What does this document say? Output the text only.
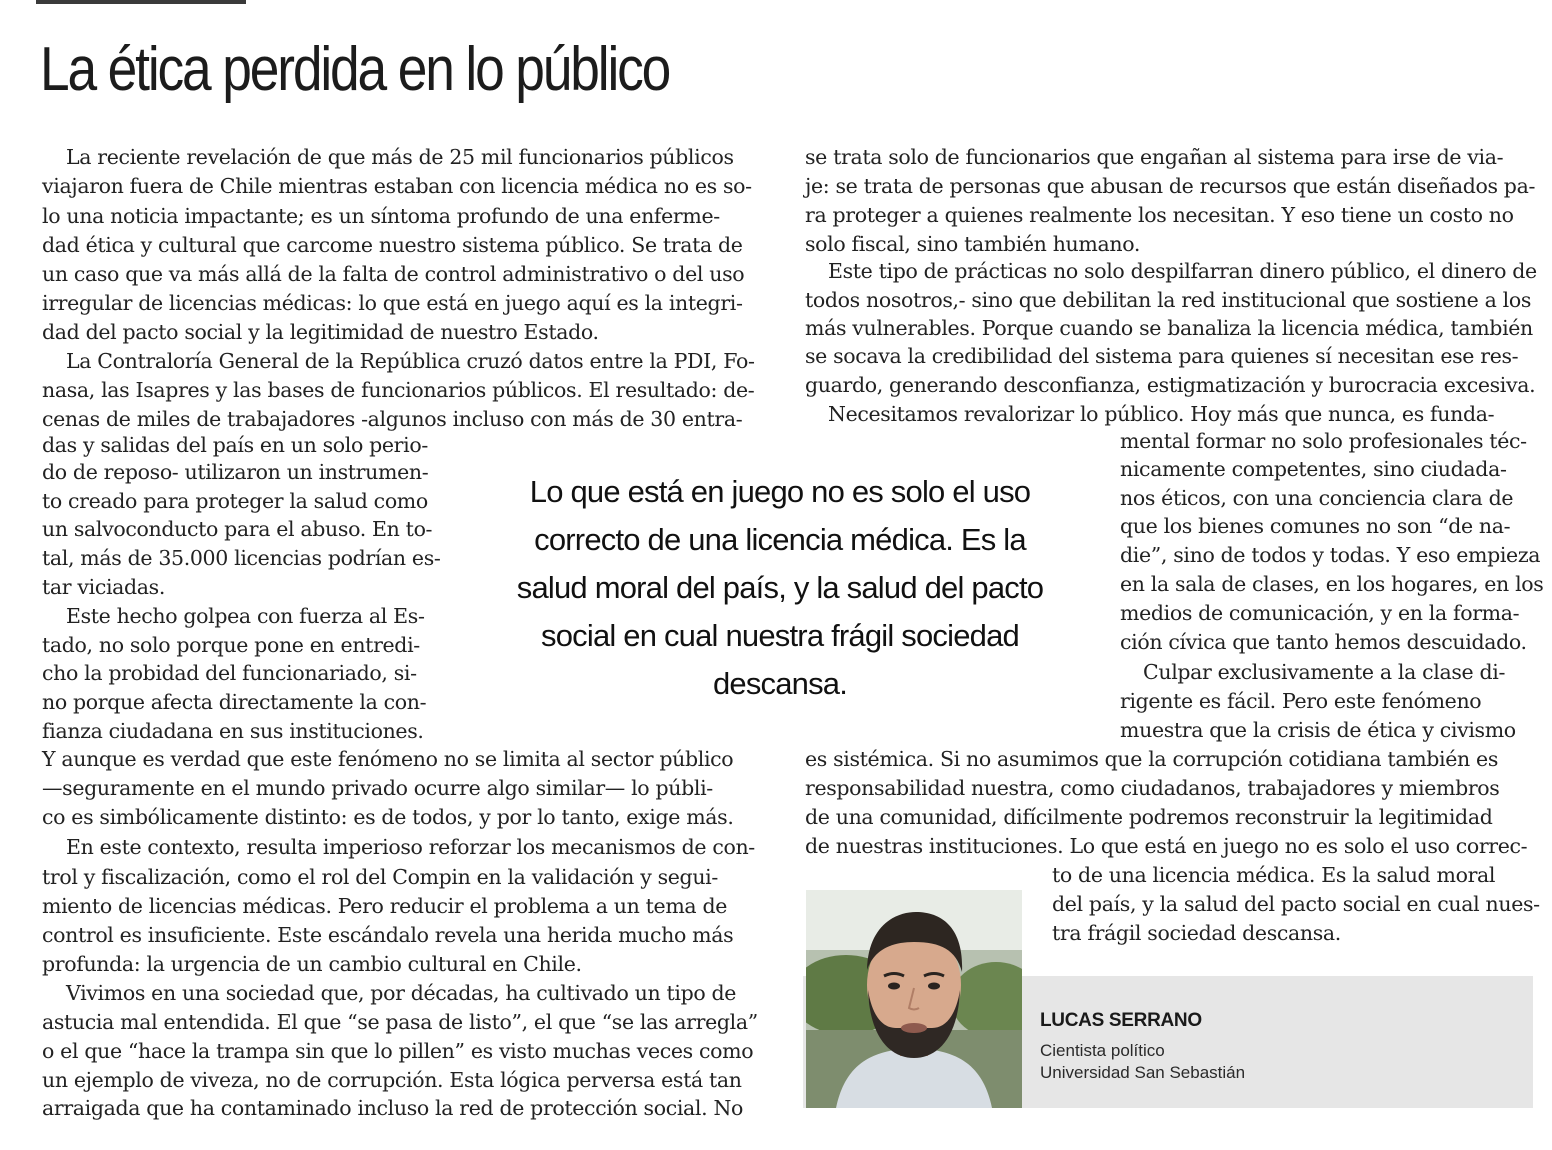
La ética perdida en lo público

La reciente revelación de que más de 25 mil funcionarios públicos

viajaron fuera de Chile mientras estaban con licencia médica no es so-

lo una noticia impactante; es un síntoma profundo de una enferme-

dad ética y cultural que carcome nuestro sistema público. Se trata de

un caso que va más allá de la falta de control administrativo o del uso

irregular de licencias médicas: lo que está en juego aquí es la integri-

dad del pacto social y la legitimidad de nuestro Estado.

La Contraloría General de la República cruzó datos entre la PDI, Fo-

nasa, las Isapres y las bases de funcionarios públicos. El resultado: de-

cenas de miles de trabajadores -algunos incluso con más de 30 entra-

das y salidas del país en un solo perio-

do de reposo- utilizaron un instrumen-

to creado para proteger la salud como

un salvoconducto para el abuso. En to-

tal, más de 35.000 licencias podrían es-

tar viciadas.

Este hecho golpea con fuerza al Es-

tado, no solo porque pone en entredi-

cho la probidad del funcionariado, si-

no porque afecta directamente la con-

fianza ciudadana en sus instituciones.

Y aunque es verdad que este fenómeno no se limita al sector público

—seguramente en el mundo privado ocurre algo similar— lo públi-

co es simbólicamente distinto: es de todos, y por lo tanto, exige más.

En este contexto, resulta imperioso reforzar los mecanismos de con-

trol y fiscalización, como el rol del Compin en la validación y segui-

miento de licencias médicas. Pero reducir el problema a un tema de

control es insuficiente. Este escándalo revela una herida mucho más

profunda: la urgencia de un cambio cultural en Chile.

Vivimos en una sociedad que, por décadas, ha cultivado un tipo de

astucia mal entendida. El que “se pasa de listo”, el que “se las arregla”

o el que “hace la trampa sin que lo pillen” es visto muchas veces como

un ejemplo de viveza, no de corrupción. Esta lógica perversa está tan

arraigada que ha contaminado incluso la red de protección social. No

se trata solo de funcionarios que engañan al sistema para irse de via-

je: se trata de personas que abusan de recursos que están diseñados pa-

ra proteger a quienes realmente los necesitan. Y eso tiene un costo no

solo fiscal, sino también humano.

Este tipo de prácticas no solo despilfarran dinero público, el dinero de

todos nosotros,- sino que debilitan la red institucional que sostiene a los

más vulnerables. Porque cuando se banaliza la licencia médica, también

se socava la credibilidad del sistema para quienes sí necesitan ese res-

guardo, generando desconfianza, estigmatización y burocracia excesiva.

Necesitamos revalorizar lo público. Hoy más que nunca, es funda-

mental formar no solo profesionales téc-

nicamente competentes, sino ciudada-

nos éticos, con una conciencia clara de

que los bienes comunes no son “de na-

die”, sino de todos y todas. Y eso empieza

en la sala de clases, en los hogares, en los

medios de comunicación, y en la forma-

ción cívica que tanto hemos descuidado.

Culpar exclusivamente a la clase di-

rigente es fácil. Pero este fenómeno

muestra que la crisis de ética y civismo

es sistémica. Si no asumimos que la corrupción cotidiana también es

responsabilidad nuestra, como ciudadanos, trabajadores y miembros

de una comunidad, difícilmente podremos reconstruir la legitimidad

de nuestras instituciones. Lo que está en juego no es solo el uso correc-

to de una licencia médica. Es la salud moral

del país, y la salud del pacto social en cual nues-

tra frágil sociedad descansa.

Lo que está en juego no es solo el uso
correcto de una licencia médica. Es la
salud moral del país, y la salud del pacto
social en cual nuestra frágil sociedad
descansa.
LUCAS SERRANO
Cientista político
Universidad San Sebastián
